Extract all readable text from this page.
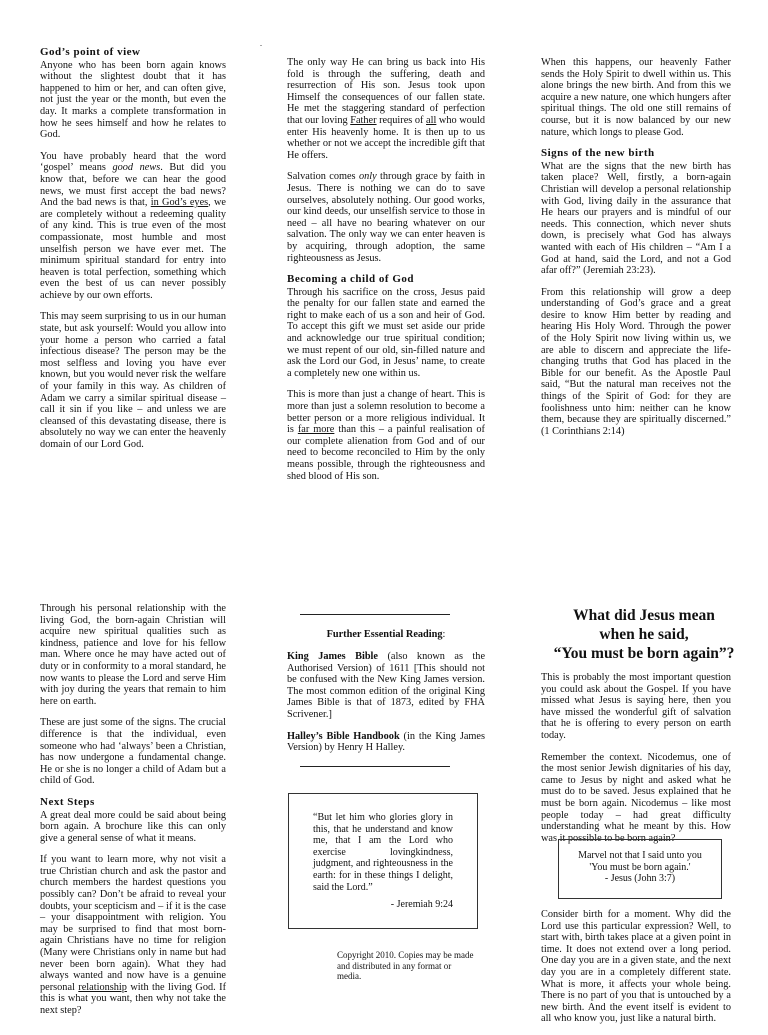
.
God’s point of view

Anyone who has been born again knows without the slightest doubt that it has happened to him or her, and can often give, not just the year or the month, but even the day. It marks a complete transformation in how he sees himself and how he relates to God.

You have probably heard that the word ‘gospel’ means good news. But did you know that, before we can hear the good news, we must first accept the bad news? And the bad news is that, in God’s eyes, we are completely without a redeeming quality of any kind. This is true even of the most compassionate, most humble and most unselfish person we have ever met. The minimum spiritual standard for entry into heaven is total perfection, something which even the best of us can never possibly achieve by our own efforts.

This may seem surprising to us in our human state, but ask yourself: Would you allow into your home a person who carried a fatal infectious disease? The person may be the most selfless and loving you have ever known, but you would never risk the welfare of your family in this way. As children of Adam we carry a similar spiritual disease – call it sin if you like – and unless we are cleansed of this devastating disease, there is absolutely no way we can enter the heavenly domain of our Lord God.

The only way He can bring us back into His fold is through the suffering, death and resurrection of His son. Jesus took upon Himself the consequences of our fallen state. He met the staggering standard of perfection that our loving Father requires of all who would enter His heavenly home. It is then up to us whether or not we accept the incredible gift that He offers.

Salvation comes only through grace by faith in Jesus. There is nothing we can do to save ourselves, absolutely nothing. Our good works, our kind deeds, our unselfish service to those in need – all have no bearing whatever on our salvation. The only way we can enter heaven is by acquiring, through adoption, the same righteousness as Jesus.

Becoming a child of God

Through his sacrifice on the cross, Jesus paid the penalty for our fallen state and earned the right to make each of us a son and heir of God. To accept this gift we must set aside our pride and acknowledge our true spiritual condition; we must repent of our old, sin-filled nature and ask the Lord our God, in Jesus’ name, to create a completely new one within us.

This is more than just a change of heart. This is more than just a solemn resolution to become a better person or a more religious individual. It is far more than this – a painful realisation of our complete alienation from God and of our need to become reconciled to Him by the only means possible, through the righteousness and shed blood of His son.

When this happens, our heavenly Father sends the Holy Spirit to dwell within us. This alone brings the new birth. And from this we acquire a new nature, one which hungers after spiritual things. The old one still remains of course, but it is now balanced by our new nature, which longs to please God.

Signs of the new birth

What are the signs that the new birth has taken place? Well, firstly, a born-again Christian will develop a personal relationship with God, living daily in the assurance that He hears our prayers and is mindful of our needs. This connection, which never shuts down, is precisely what God has always wanted with each of His children – “Am I a God at hand, said the Lord, and not a God afar off?” (Jeremiah 23:23).

From this relationship will grow a deep understanding of God’s grace and a great desire to know Him better by reading and hearing His Holy Word. Through the power of the Holy Spirit now living within us, we are able to discern and appreciate the life-changing truths that God has placed in the Bible for our benefit. As the Apostle Paul said, “But the natural man receives not the things of the Spirit of God: for they are foolishness unto him: neither can he know them, because they are spiritually discerned.” (1 Corinthians 2:14)

Through his personal relationship with the living God, the born-again Christian will acquire new spiritual qualities such as kindness, patience and love for his fellow man. Where once he may have acted out of duty or in conformity to a moral standard, he now wants to please the Lord and serve Him with joy during the years that remain to him here on earth.

These are just some of the signs. The crucial difference is that the individual, even someone who had ‘always’ been a Christian, has now undergone a fundamental change. He or she is no longer a child of Adam but a child of God.

Next Steps

A great deal more could be said about being born again. A brochure like this can only give a general sense of what it means.

If you want to learn more, why not visit a true Christian church and ask the pastor and church members the hardest questions you possibly can? Don’t be afraid to reveal your doubts, your scepticism and – if it is the case – your disappointment with religion. You may be surprised to find that most born-again Christians have no time for religion (Many were Christians only in name but had never been born again). What they had always wanted and now have is a genuine personal relationship with the living God. If this is what you want, then why not take the next step?

Further Essential Reading:

King James Bible (also known as the Authorised Version) of 1611 [This should not be confused with the New King James version. The most common edition of the original King James Bible is that of 1873, edited by FHA Scrivener.]

Halley’s Bible Handbook (in the King James Version) by Henry H Halley.

“But let him who glories glory in this, that he understand and know me, that I am the Lord who exercise lovingkindness, judgment, and righteousness in the earth: for in these things I delight, said the Lord.”
- Jeremiah 9:24
Copyright 2010. Copies may be made and distributed in any format or media.
What did Jesus mean
when he said,
“You must be born again”?

This is probably the most important question you could ask about the Gospel. If you have missed what Jesus is saying here, then you have missed the wonderful gift of salvation that he is offering to every person on earth today.

Remember the context. Nicodemus, one of the most senior Jewish dignitaries of his day, came to Jesus by night and asked what he must do to be saved. Jesus explained that he must be born again. Nicodemus – like most people today – had great difficulty understanding what he meant by this. How was it possible to be born again?

Marvel not that I said unto you
'You must be born again.'
- Jesus (John 3:7)

Consider birth for a moment. Why did the Lord use this particular expression? Well, to start with, birth takes place at a given point in time. It does not extend over a long period. One day you are in a given state, and the next day you are in a completely different state. What is more, it affects your whole being. There is no part of you that is untouched by a new birth. And the event itself is evident to all who know you, just like a natural birth.
